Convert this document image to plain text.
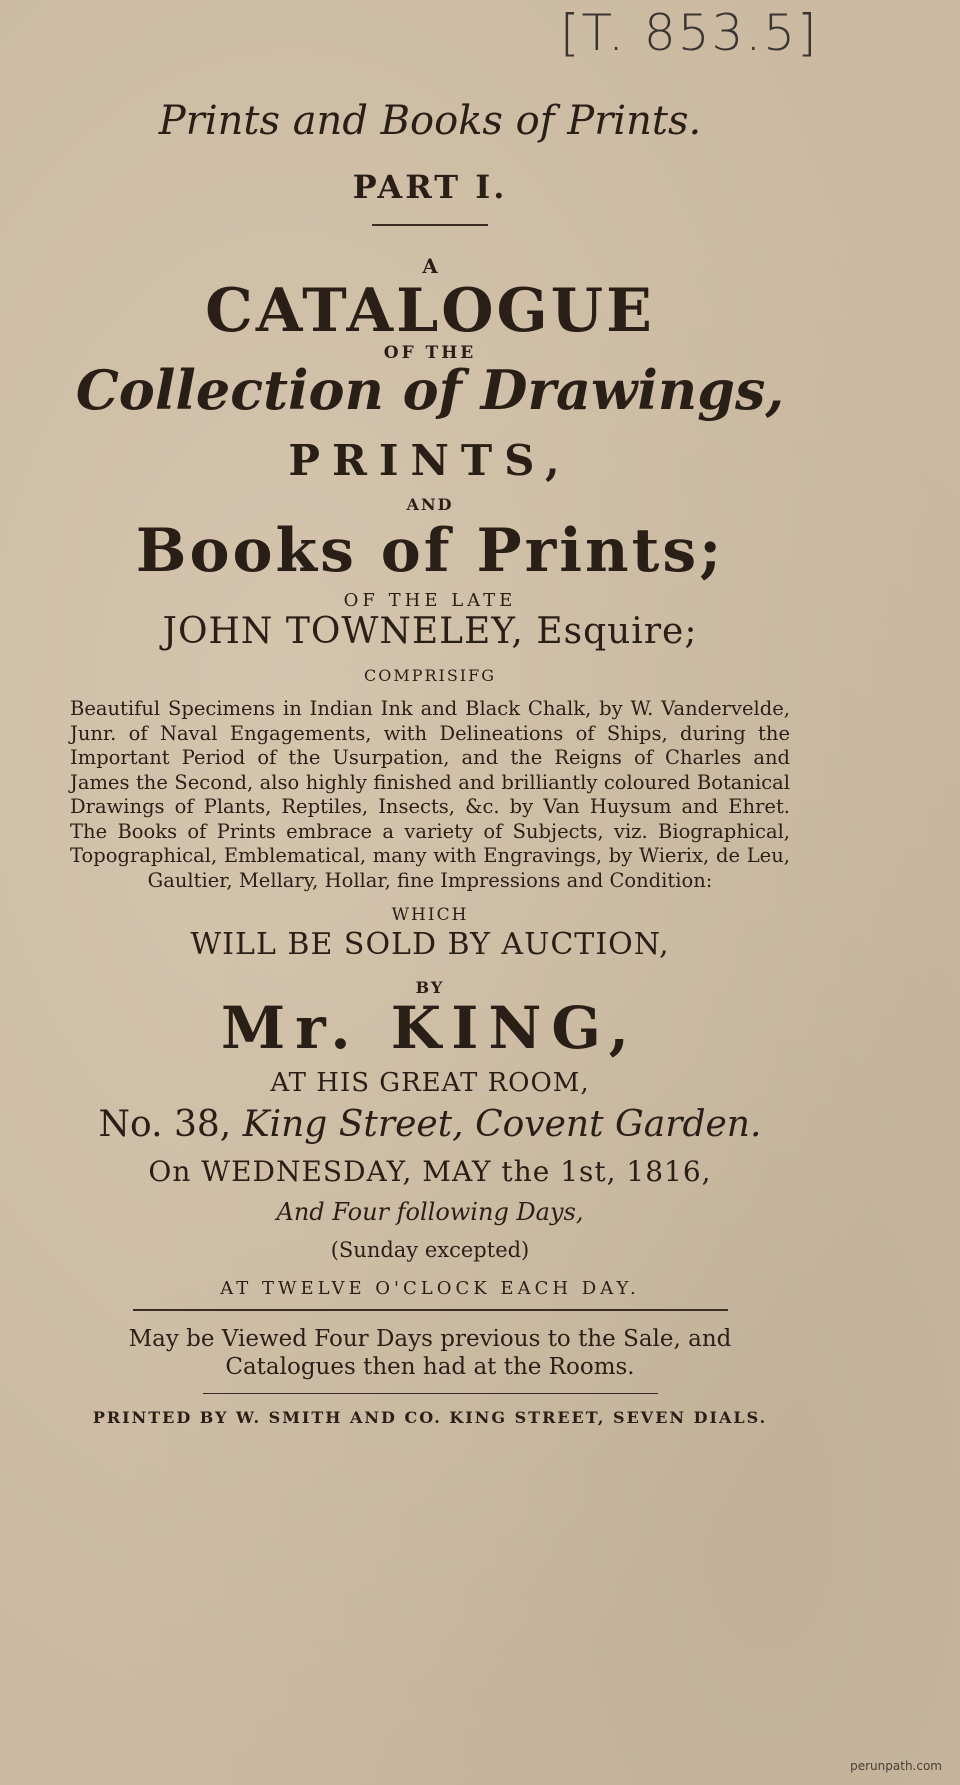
[T. 853.5]
Prints and Books of Prints.
PART I.
A
CATALOGUE
OF THE
Collection of Drawings,
PRINTS,
AND
Books of Prints;
OF THE LATE
JOHN TOWNELEY, Esquire;
COMPRISIFG

Beautiful Specimens in Indian Ink and Black Chalk, by W. Vandervelde, Junr. of Naval Engagements, with Delineations of Ships, during the Important Period of the Usurpation, and the Reigns of Charles and James the Second, also highly finished and brilliantly coloured Botanical Drawings of Plants, Reptiles, Insects, &c. by Van Huysum and Ehret. The Books of Prints embrace a variety of Subjects, viz. Biographical, Topographical, Emblematical, many with Engravings, by Wierix, de Leu, Gaultier, Mellary, Hollar, fine Impressions and Condition:

WHICH
WILL BE SOLD BY AUCTION,
BY
Mr. KING,
AT HIS GREAT ROOM,
No. 38, King Street, Covent Garden.
On WEDNESDAY, MAY the 1st, 1816,
And Four following Days,
(Sunday excepted)
AT TWELVE O'CLOCK EACH DAY.
May be Viewed Four Days previous to the Sale, and Catalogues then had at the Rooms.
PRINTED BY W. SMITH AND CO. KING STREET, SEVEN DIALS.
perunpath.com
